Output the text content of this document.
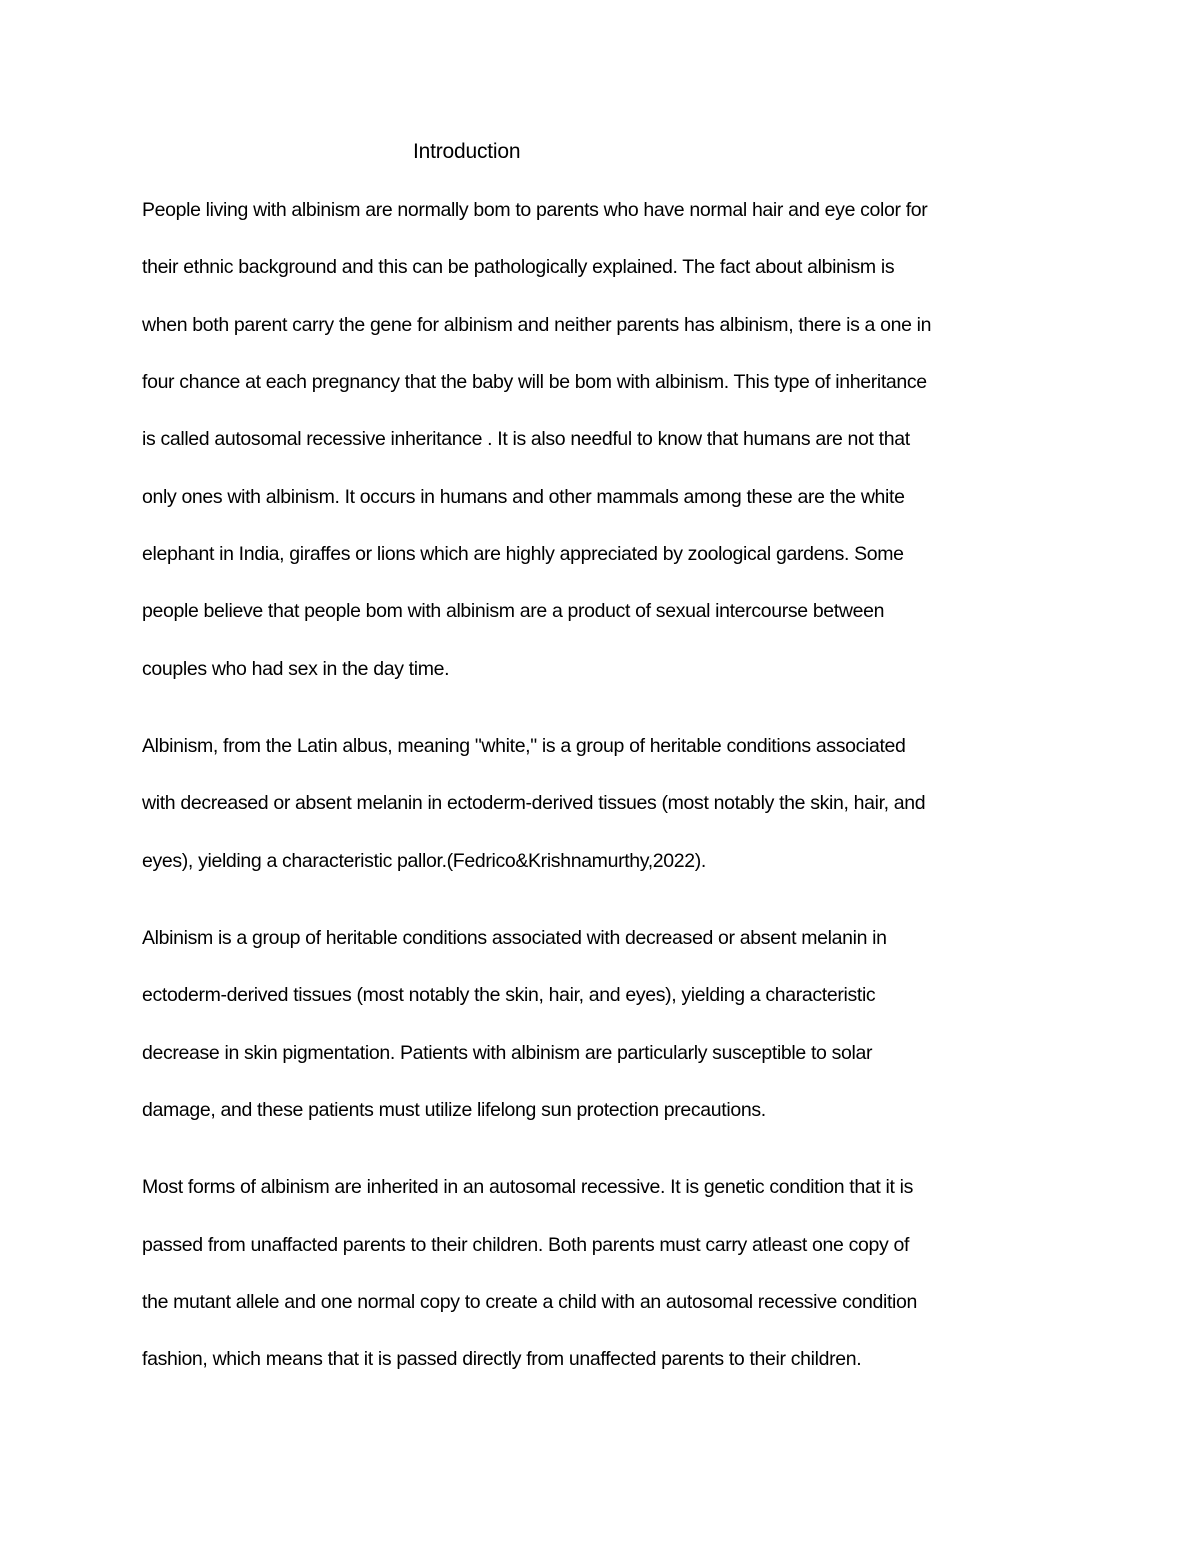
Introduction
People living with albinism are normally bom to parents who have normal hair and eye color for
their ethnic background and this can be pathologically explained. The fact about albinism is
when both parent carry the gene for albinism and neither parents has albinism, there is a one in
four chance at each pregnancy that the baby will be bom with albinism. This type of inheritance
is called autosomal recessive inheritance . It is also needful to know that humans are not that
only ones with albinism. It occurs in humans and other mammals among these are the white
elephant in India, giraffes or lions which are highly appreciated by zoological gardens. Some
people believe that people bom with albinism are a product of sexual intercourse between
couples who had sex in the day time.
Albinism, from the Latin albus, meaning "white," is a group of heritable conditions associated
with decreased or absent melanin in ectoderm-derived tissues (most notably the skin, hair, and
eyes), yielding a characteristic pallor.(Fedrico&Krishnamurthy,2022).
Albinism is a group of heritable conditions associated with decreased or absent melanin in
ectoderm-derived tissues (most notably the skin, hair, and eyes), yielding a characteristic
decrease in skin pigmentation. Patients with albinism are particularly susceptible to solar
damage, and these patients must utilize lifelong sun protection precautions.
Most forms of albinism are inherited in an autosomal recessive. It is genetic condition that it is
passed from unaffacted parents to their children. Both parents must carry atleast one copy of
the mutant allele and one normal copy to create a child with an autosomal recessive condition
fashion, which means that it is passed directly from unaffected parents to their children.
